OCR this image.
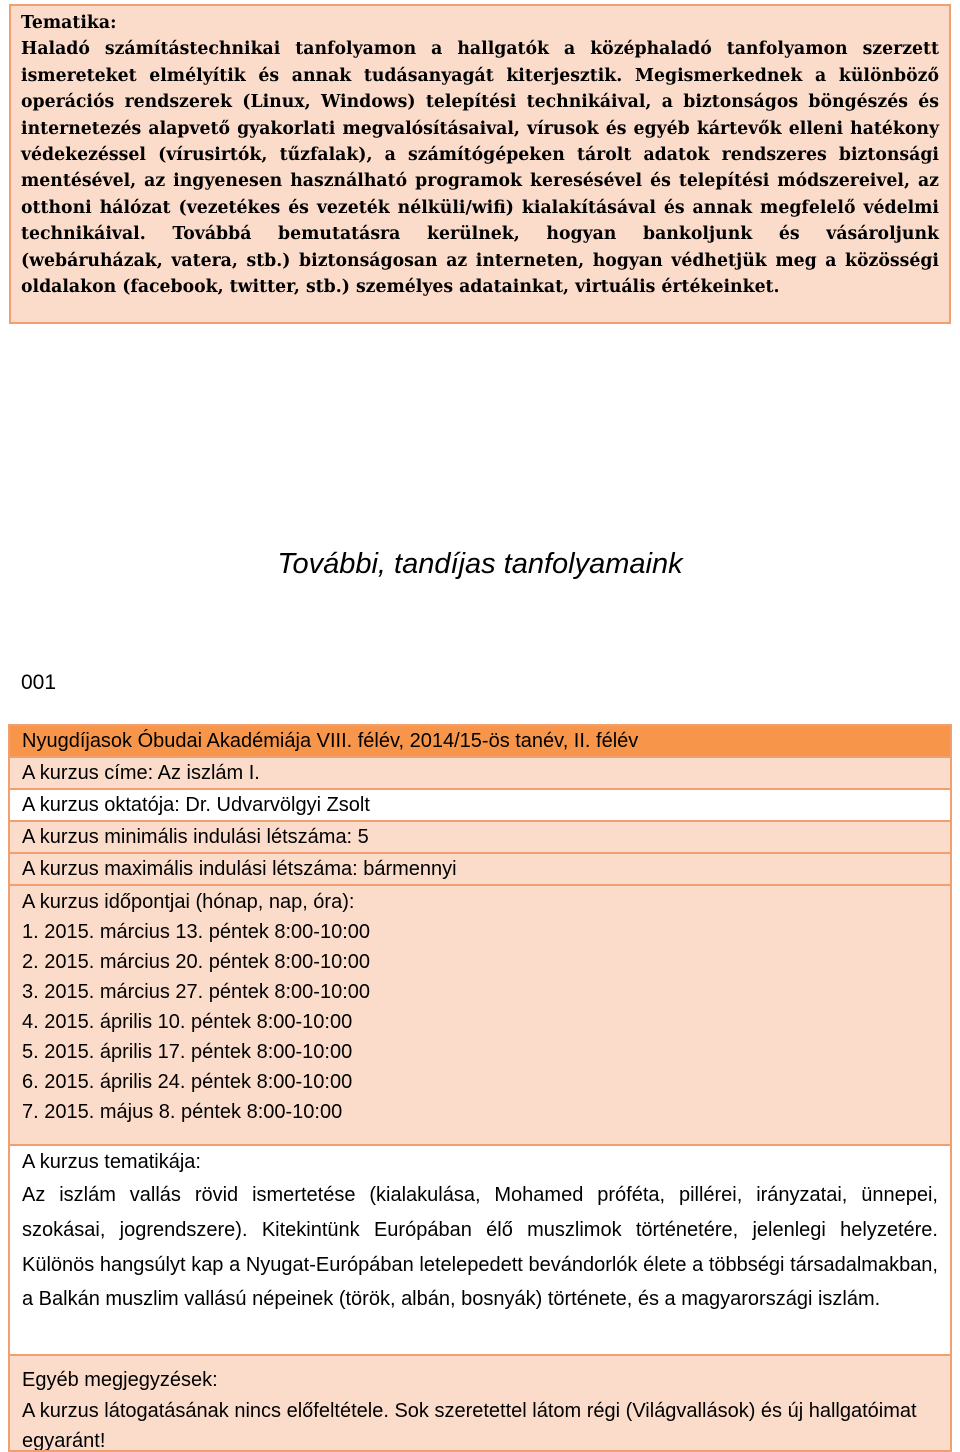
Tematika:
Haladó számítástechnikai tanfolyamon a hallgatók a középhaladó tanfolyamon szerzett ismereteket elmélyítik és annak tudásanyagát kiterjesztik. Megismerkednek a különböző operációs rendszerek (Linux, Windows) telepítési technikáival, a biztonságos böngészés és internetezés alapvető gyakorlati megvalósításaival, vírusok és egyéb kártevők elleni hatékony védekezéssel (vírusirtók, tűzfalak), a számítógépeken tárolt adatok rendszeres biztonsági mentésével, az ingyenesen használható programok keresésével és telepítési módszereivel, az otthoni hálózat (vezetékes és vezeték nélküli/wifi) kialakításával és annak megfelelő védelmi technikáival. Továbbá bemutatásra kerülnek, hogyan bankoljunk és vásároljunk (webáruházak, vatera, stb.) biztonságosan az interneten, hogyan védhetjük meg a közösségi oldalakon (facebook, twitter, stb.) személyes adatainkat, virtuális értékeinket.
További, tandíjas tanfolyamaink
001
Nyugdíjasok Óbudai Akadémiája VIII. félév, 2014/15-ös tanév, II. félév
A kurzus címe: Az iszlám I.
A kurzus oktatója: Dr. Udvarvölgyi Zsolt
A kurzus minimális indulási létszáma: 5
A kurzus maximális indulási létszáma: bármennyi
A kurzus időpontjai (hónap, nap, óra):
1. 2015. március 13. péntek 8:00-10:00
2. 2015. március 20. péntek 8:00-10:00
3. 2015. március 27. péntek 8:00-10:00
4. 2015. április 10. péntek 8:00-10:00
5. 2015. április 17. péntek 8:00-10:00
6. 2015. április 24. péntek 8:00-10:00
7. 2015. május 8. péntek 8:00-10:00
A kurzus tematikája:
Az iszlám vallás rövid ismertetése (kialakulása, Mohamed próféta, pillérei, irányzatai, ünnepei, szokásai, jogrendszere). Kitekintünk Európában élő muszlimok történetére, jelenlegi helyzetére. Különös hangsúlyt kap a Nyugat-Európában letelepedett bevándorlók élete a többségi társadalmakban, a Balkán muszlim vallású népeinek (török, albán, bosnyák) története, és a magyarországi iszlám.
Egyéb megjegyzések:
A kurzus látogatásának nincs előfeltétele. Sok szeretettel látom régi (Világvallások) és új hallgatóimat egyaránt!
